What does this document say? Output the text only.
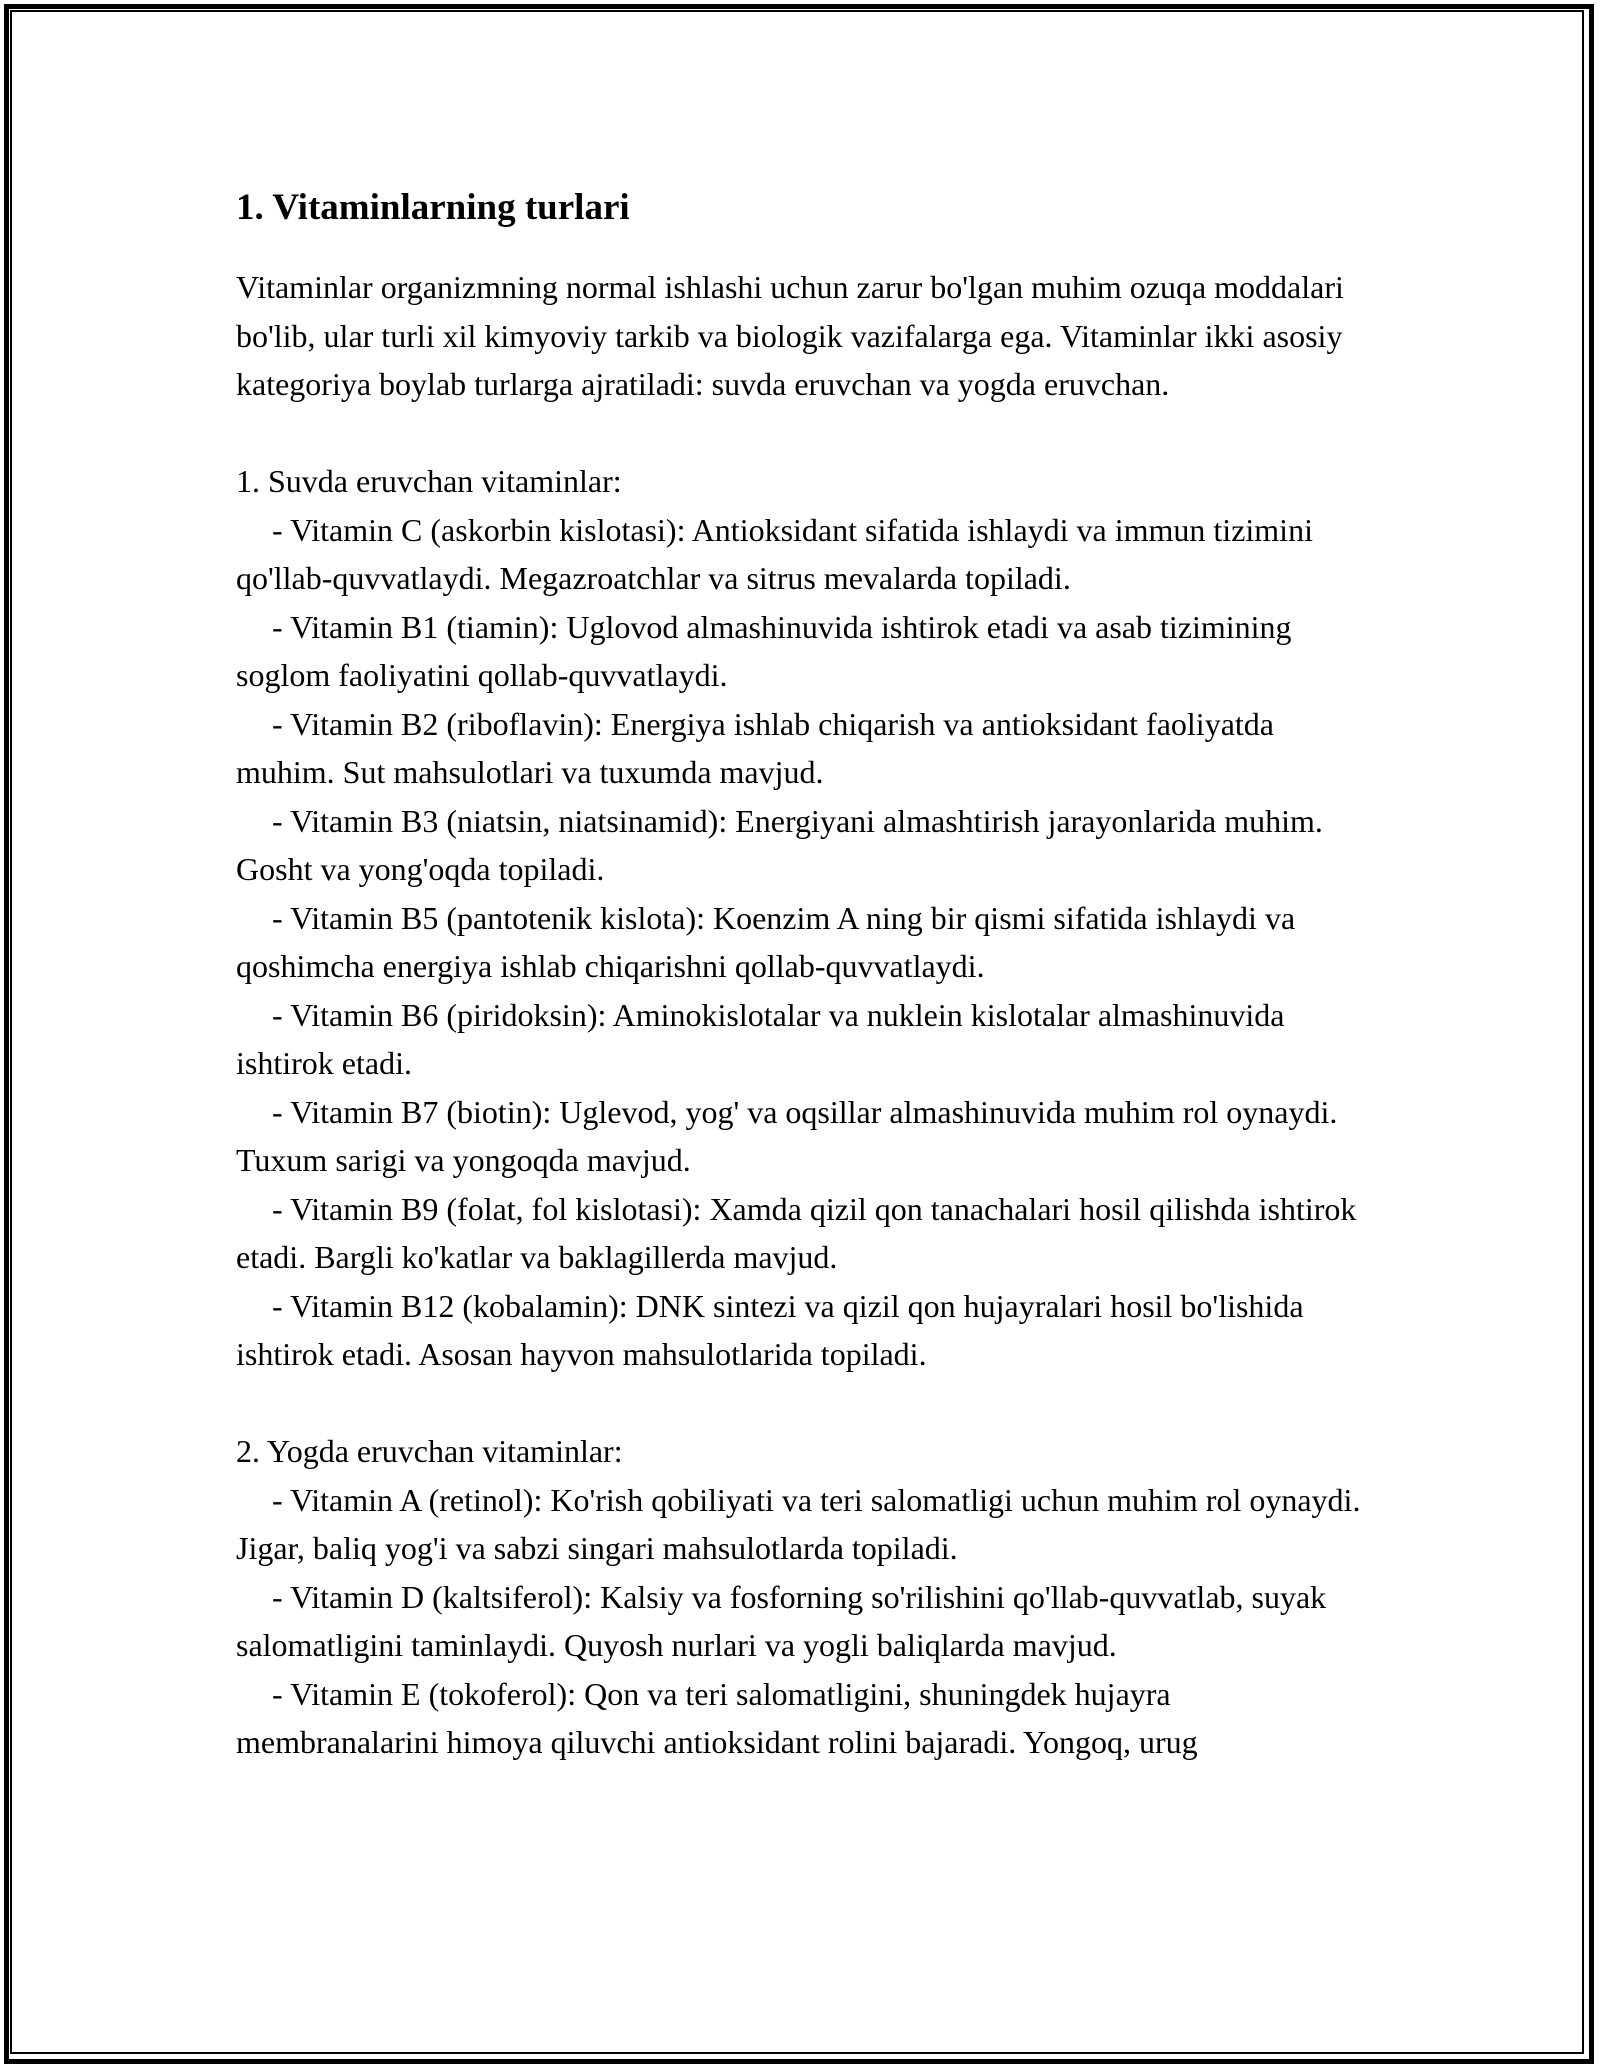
1. Vitaminlarning turlari

Vitaminlar organizmning normal ishlashi uchun zarur bo'lgan muhim ozuqa moddalari bo'lib, ular turli xil kimyoviy tarkib va biologik vazifalarga ega. Vitaminlar ikki asosiy kategoriya boylab turlarga ajratiladi: suvda eruvchan va yogda eruvchan.

1. Suvda eruvchan vitaminlar:

- Vitamin C (askorbin kislotasi): Antioksidant sifatida ishlaydi va immun tizimini qo'llab-quvvatlaydi. Megazroatchlar va sitrus mevalarda topiladi.

- Vitamin B1 (tiamin): Uglovod almashinuvida ishtirok etadi va asab tizimining soglom faoliyatini qollab-quvvatlaydi.

- Vitamin B2 (riboflavin): Energiya ishlab chiqarish va antioksidant faoliyatda muhim. Sut mahsulotlari va tuxumda mavjud.

- Vitamin B3 (niatsin, niatsinamid): Energiyani almashtirish jarayonlarida muhim. Gosht va yong'oqda topiladi.

- Vitamin B5 (pantotenik kislota): Koenzim A ning bir qismi sifatida ishlaydi va qoshimcha energiya ishlab chiqarishni qollab-quvvatlaydi.

- Vitamin B6 (piridoksin): Aminokislotalar va nuklein kislotalar almashinuvida ishtirok etadi.

- Vitamin B7 (biotin): Uglevod, yog' va oqsillar almashinuvida muhim rol oynaydi. Tuxum sarigi va yongoqda mavjud.

- Vitamin B9 (folat, fol kislotasi): Xamda qizil qon tanachalari hosil qilishda ishtirok etadi. Bargli ko'katlar va baklagillerda mavjud.

- Vitamin B12 (kobalamin): DNK sintezi va qizil qon hujayralari hosil bo'lishida ishtirok etadi. Asosan hayvon mahsulotlarida topiladi.

2. Yogda eruvchan vitaminlar:

- Vitamin A (retinol): Ko'rish qobiliyati va teri salomatligi uchun muhim rol oynaydi. Jigar, baliq yog'i va sabzi singari mahsulotlarda topiladi.

- Vitamin D (kaltsiferol): Kalsiy va fosforning so'rilishini qo'llab-quvvatlab, suyak salomatligini taminlaydi. Quyosh nurlari va yogli baliqlarda mavjud.

- Vitamin E (tokoferol): Qon va teri salomatligini, shuningdek hujayra membranalarini himoya qiluvchi antioksidant rolini bajaradi. Yongoq, urug
